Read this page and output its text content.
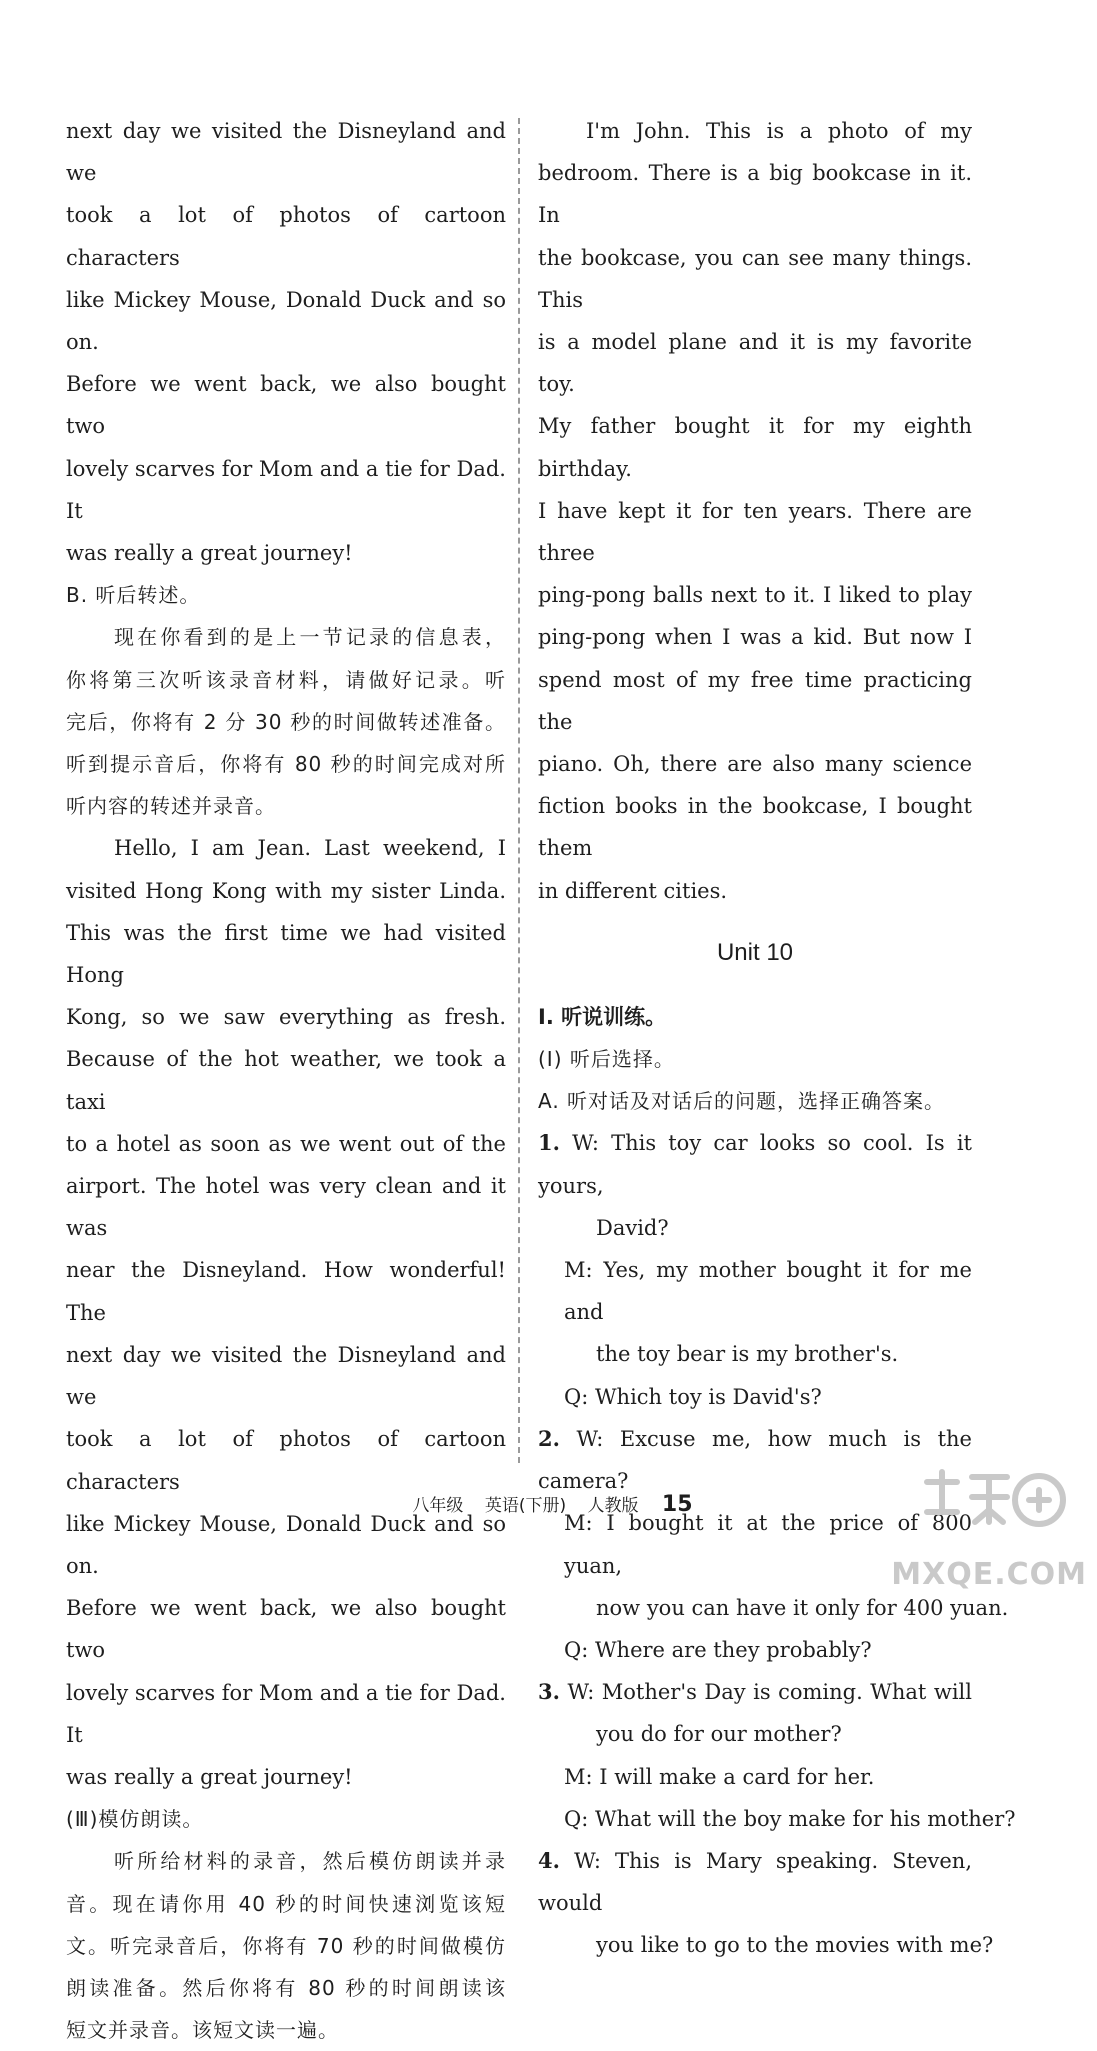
next day we visited the Disneyland and we
took a lot of photos of cartoon characters
like Mickey Mouse, Donald Duck and so on.
Before we went back, we also bought two
lovely scarves for Mom and a tie for Dad. It
was really a great journey!
B. 听后转述。
现在你看到的是上一节记录的信息表，
你将第三次听该录音材料，请做好记录。听
完后，你将有 2 分 30 秒的时间做转述准备。
听到提示音后，你将有 80 秒的时间完成对所
听内容的转述并录音。
Hello, I am Jean. Last weekend, I
visited Hong Kong with my sister Linda.
This was the first time we had visited Hong
Kong, so we saw everything as fresh.
Because of the hot weather, we took a taxi
to a hotel as soon as we went out of the
airport. The hotel was very clean and it was
near the Disneyland. How wonderful! The
next day we visited the Disneyland and we
took a lot of photos of cartoon characters
like Mickey Mouse, Donald Duck and so on.
Before we went back, we also bought two
lovely scarves for Mom and a tie for Dad. It
was really a great journey!
(Ⅲ)模仿朗读。
听所给材料的录音，然后模仿朗读并录
音。现在请你用 40 秒的时间快速浏览该短
文。听完录音后，你将有 70 秒的时间做模仿
朗读准备。然后你将有 80 秒的时间朗读该
短文并录音。该短文读一遍。
I'm John. This is a photo of my
bedroom. There is a big bookcase in it. In
the bookcase, you can see many things. This
is a model plane and it is my favorite toy.
My father bought it for my eighth birthday.
I have kept it for ten years. There are three
ping-pong balls next to it. I liked to play
ping-pong when I was a kid. But now I
spend most of my free time practicing the
piano. Oh, there are also many science
fiction books in the bookcase, I bought them
in different cities.
Unit 10
Ⅰ. 听说训练。
(Ⅰ) 听后选择。
A. 听对话及对话后的问题，选择正确答案。
1. W: This toy car looks so cool. Is it yours,
David?
M: Yes, my mother bought it for me and
the toy bear is my brother's.
Q: Which toy is David's?
2. W: Excuse me, how much is the camera?
M: I bought it at the price of 800 yuan,
now you can have it only for 400 yuan.
Q: Where are they probably?
3. W: Mother's Day is coming. What will
you do for our mother?
M: I will make a card for her.
Q: What will the boy make for his mother?
4. W: This is Mary speaking. Steven, would
you like to go to the movies with me?
八年级 英语(下册) 人教版 15
MXQE.COM
